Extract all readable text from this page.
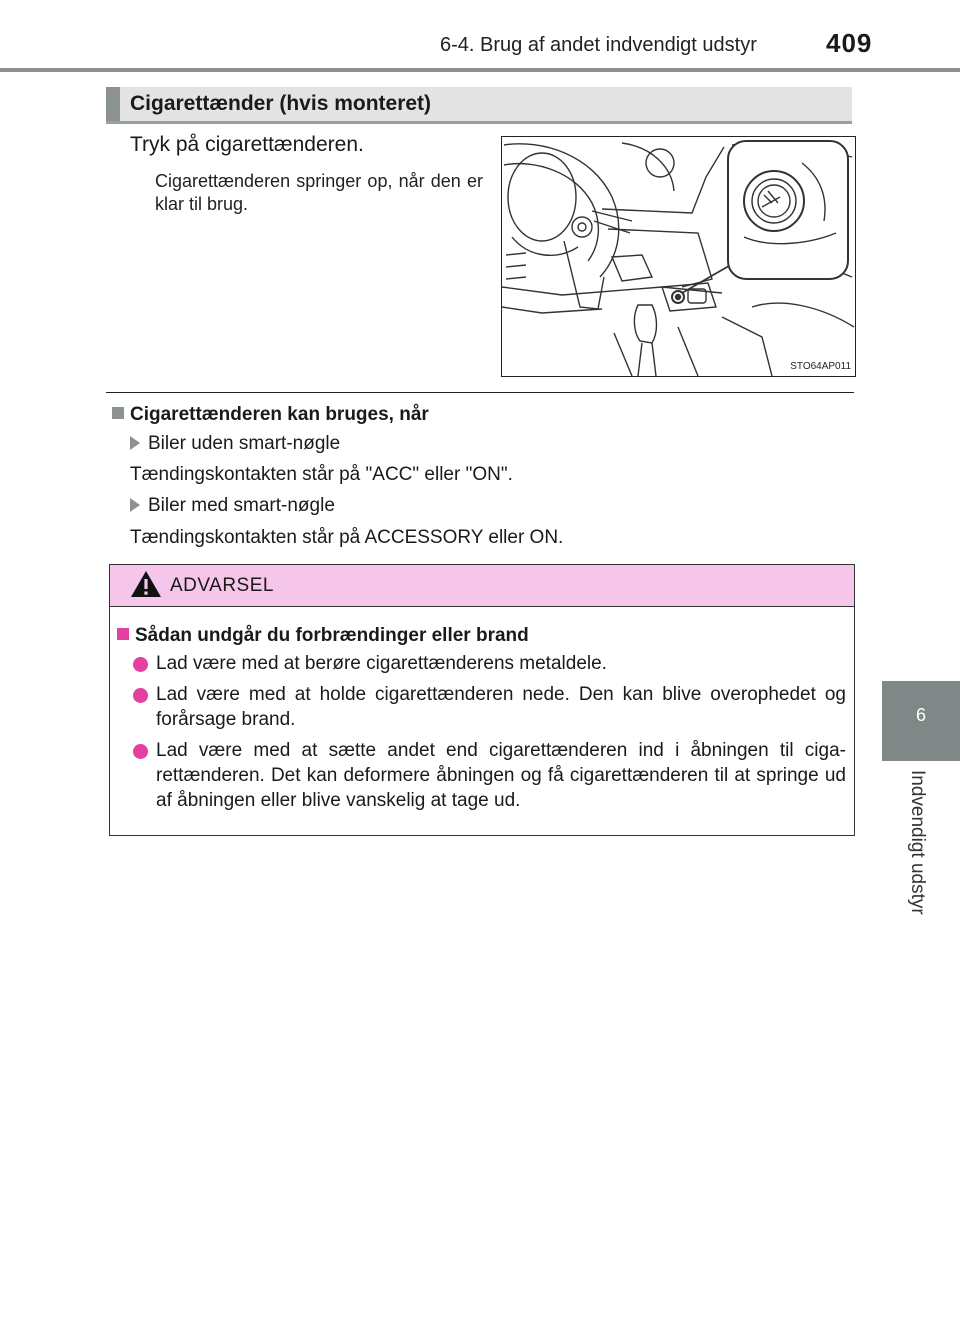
6-4. Brug af andet indvendigt udstyr	409
6
Indvendigt udstyr
Cigarettænder (hvis monteret)
Tryk på cigarettænderen.
Cigarettænderen springer op, når den er klar til brug.
STO64AP011
Cigarettænderen kan bruges, når
Biler uden smart-nøgle
Tændingskontakten står på "ACC" eller "ON".
Biler med smart-nøgle
Tændingskontakten står på ACCESSORY eller ON.
ADVARSEL
Sådan undgår du forbrændinger eller brand
Lad være med at berøre cigarettænderens metaldele.
Lad være med at holde cigarettænderen nede. Den kan blive overophedet og forårsage brand.
Lad være med at sætte andet end cigarettænderen ind i åbningen til ciga-rettænderen. Det kan deformere åbningen og få cigarettænderen til at springe ud af åbningen eller blive vanskelig at tage ud.
